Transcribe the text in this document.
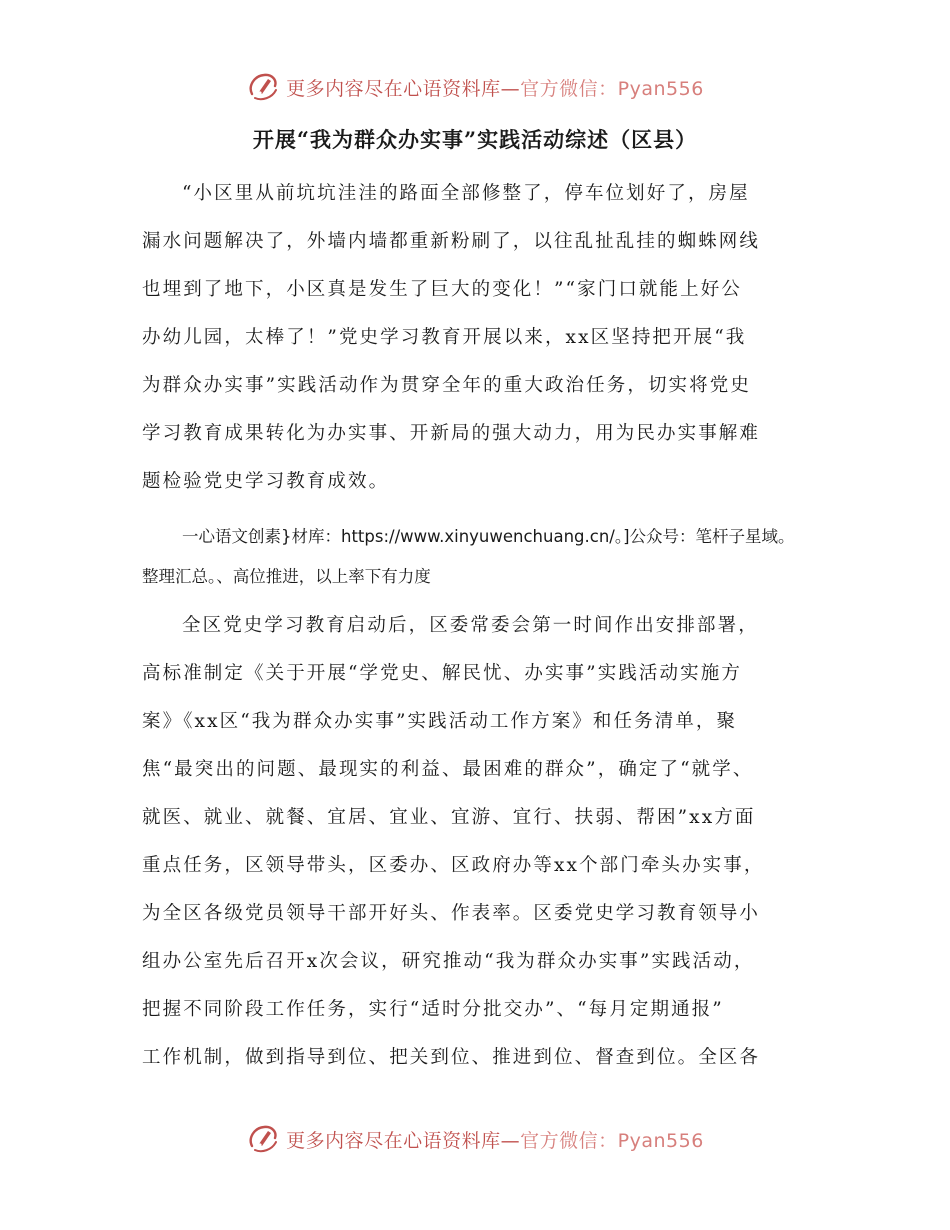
更多内容尽在心语资料库—官方微信：Pyan556
开展“我为群众办实事”实践活动综述（区县）
“小区里从前坑坑洼洼的路面全部修整了，停车位划好了，房屋
漏水问题解决了，外墙内墙都重新粉刷了，以往乱扯乱挂的蜘蛛网线
也埋到了地下，小区真是发生了巨大的变化！”“家门口就能上好公
办幼儿园，太棒了！”党史学习教育开展以来，xx区坚持把开展“我
为群众办实事”实践活动作为贯穿全年的重大政治任务，切实将党史
学习教育成果转化为办实事、开新局的强大动力，用为民办实事解难
题检验党史学习教育成效。
一心语文创素}材库：https://www.xinyuwenchuang.cn/。]公众号：笔杆子星域。
整理汇总。、高位推进，以上率下有力度
全区党史学习教育启动后，区委常委会第一时间作出安排部署，
高标准制定《关于开展“学党史、解民忧、办实事”实践活动实施方
案》《xx区“我为群众办实事”实践活动工作方案》和任务清单，聚
焦“最突出的问题、最现实的利益、最困难的群众”，确定了“就学、
就医、就业、就餐、宜居、宜业、宜游、宜行、扶弱、帮困”xx方面
重点任务，区领导带头，区委办、区政府办等xx个部门牵头办实事，
为全区各级党员领导干部开好头、作表率。区委党史学习教育领导小
组办公室先后召开x次会议，研究推动“我为群众办实事”实践活动，
把握不同阶段工作任务，实行“适时分批交办”、“每月定期通报”
工作机制，做到指导到位、把关到位、推进到位、督查到位。全区各
更多内容尽在心语资料库—官方微信：Pyan556
